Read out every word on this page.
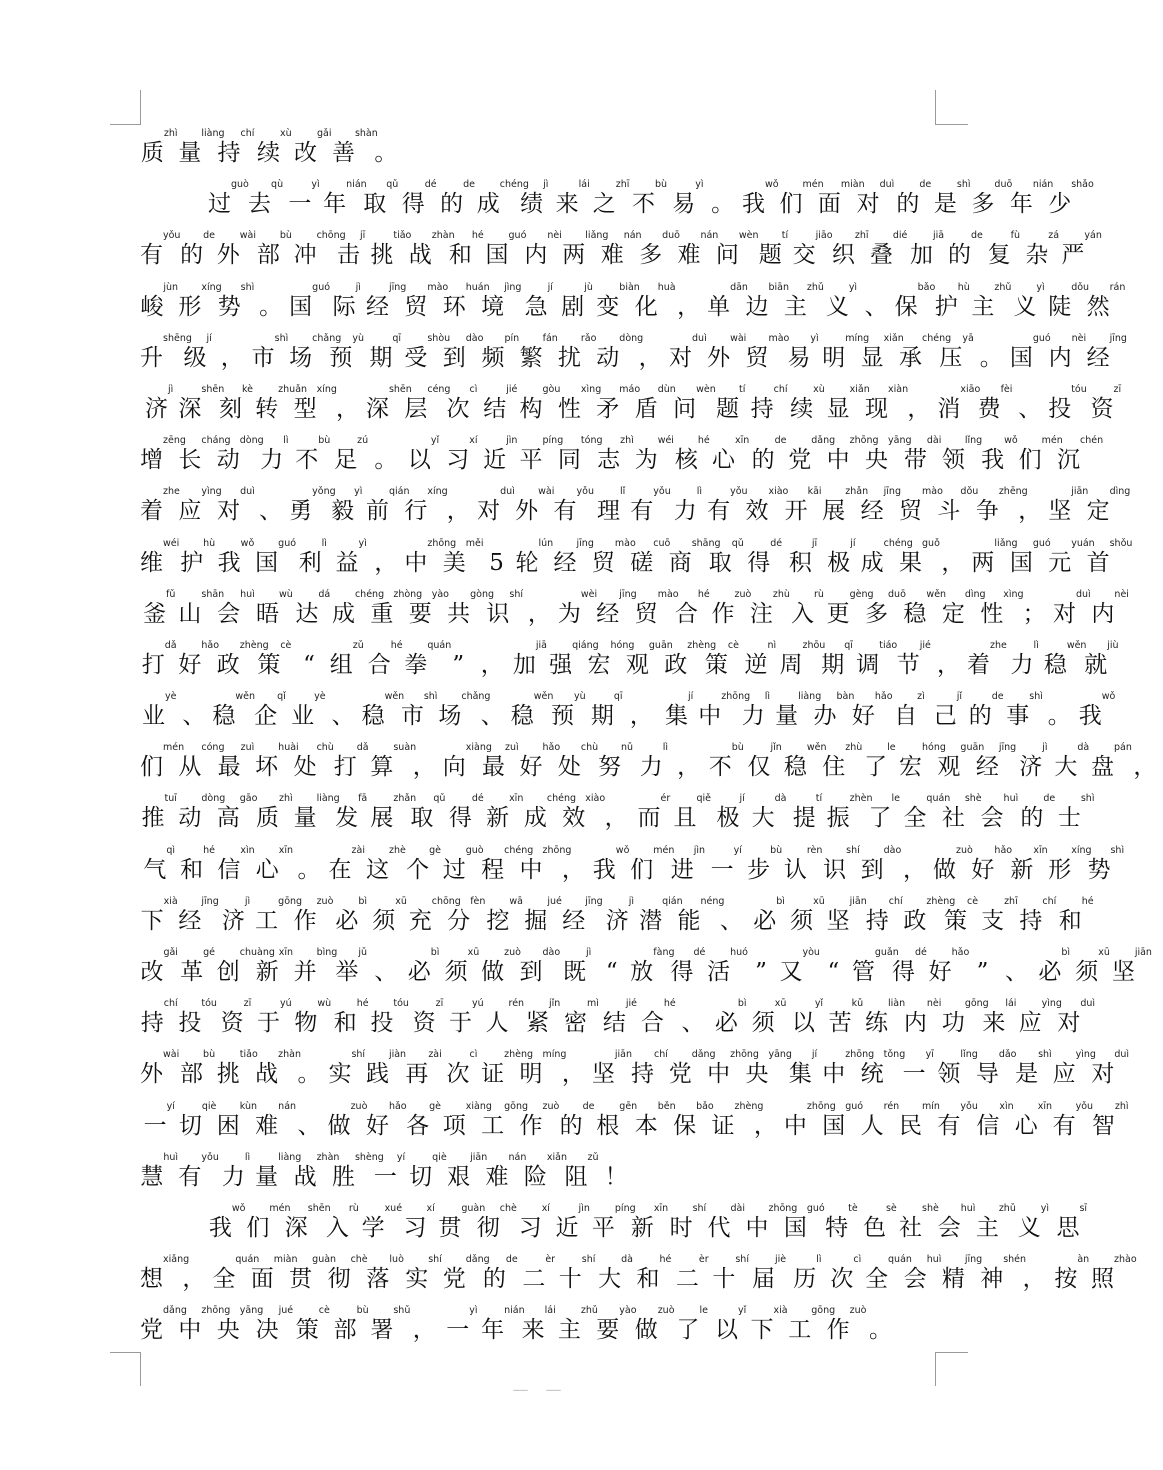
质zhì量liàng持chí续xù改gǎi善shàn。
过guò去qù一yì年nián取qǔ得dé的de成chéng绩jì来lái之zhī不bù易yì。 我wǒ们mén面miàn对duì的de是shì多duō年nián少shǎo
有yǒu的de外wài部bù冲chōng击jī挑tiǎo战zhàn和hé国guó内nèi两liǎng难nán多duō难nán问wèn题tí交jiāo织zhī叠dié加jiā的de复fù杂zá严yán
峻jùn形xíng势shì。 国guó际jì经jīng贸mào环huán境jìng急jí剧jù变biàn化huà， 单dān边biān主zhǔ义yì、 保bǎo护hù主zhǔ义yì陡dǒu然rán
升shēng级jí， 市shì场chǎng预yù期qī受shòu到dào频pín繁fán扰rǎo动dòng， 对duì外wài贸mào易yì明míng显xiǎn承chéng压yā。 国guó内nèi经jīng
济jì深shēn刻kè转zhuǎn型xíng， 深shēn层céng次cì结jié构gòu性xìng矛máo盾dùn问wèn题tí持chí续xù显xiǎn现xiàn， 消xiāo费fèi、 投tóu资zī
增zēng长cháng动dòng力lì不bù足zú。 以yǐ习xí近jìn平píng同tóng志zhì为wéi核hé心xīn的de党dǎng中zhōng央yāng带dài领lǐng我wǒ们mén沉chén
着zhe应yìng对duì、 勇yǒng毅yì前qián行xíng， 对duì外wài有yǒu理lǐ有yǒu力lì有yǒu效xiào开kāi展zhǎn经jīng贸mào斗dǒu争zhēng， 坚jiān定dìng
维wéi护hù我wǒ国guó利lì益yì， 中zhōng美měi5 轮lún经jīng贸mào磋cuō商shāng取qǔ得dé积jī极jí成chéng果guǒ， 两liǎng国guó元yuán首shǒu
釜fǔ山shān会huì晤wù达dá成chéng重zhòng要yào共gòng识shí， 为wèi经jīng贸mào合hé作zuò注zhù入rù更gèng多duō稳wěn定dìng性xìng； 对duì内nèi
打dǎ好hǎo政zhèng策cè“ 组zǔ合hé拳quán” ， 加jiā强qiáng宏hóng观guān政zhèng策cè逆nì周zhōu期qī调tiáo节jié， 着zhe力lì稳wěn就jiù
业yè、 稳wěn企qǐ业yè、 稳wěn市shì场chǎng、 稳wěn预yù期qī， 集jí中zhōng力lì量liàng办bàn好hǎo自zì己jǐ的de事shì。 我wǒ
们mén从cóng最zuì坏huài处chù打dǎ算suàn， 向xiàng最zuì好hǎo处chù努nǔ力lì， 不bù仅jǐn稳wěn住zhù了le宏hóng观guān经jīng济jì大dà盘pán，
推tuī动dòng高gāo质zhì量liàng发fā展zhǎn取qǔ得dé新xīn成chéng效xiào， 而ér且qiě极jí大dà提tí振zhèn了le全quán社shè会huì的de士shì
气qì和hé信xìn心xīn。 在zài这zhè个gè过guò程chéng中zhōng， 我wǒ们mén进jìn一yí步bù认rèn识shí到dào， 做zuò好hǎo新xīn形xíng势shì
下xià经jīng济jì工gōng作zuò必bì须xū充chōng分fèn挖wā掘jué经jīng济jì潜qián能néng、 必bì须xū坚jiān持chí政zhèng策cè支zhī持chí和hé
改gǎi革gé创chuàng新xīn并bìng举jǔ、 必bì须xū做zuò到dào既jì“ 放fàng得dé活huó” 又yòu“ 管guǎn得dé好hǎo” 、 必bì须xū坚jiān
持chí投tóu资zī于yú物wù和hé投tóu资zī于yú人rén紧jǐn密mì结jié合hé、 必bì须xū以yǐ苦kǔ练liàn内nèi功gōng来lái应yìng对duì
外wài部bù挑tiǎo战zhàn。 实shí践jiàn再zài次cì证zhèng明míng， 坚jiān持chí党dǎng中zhōng央yāng集jí中zhōng统tǒng一yī领lǐng导dǎo是shì应yìng对duì
一yí切qiè困kùn难nán、 做zuò好hǎo各gè项xiàng工gōng作zuò的de根gēn本běn保bǎo证zhèng， 中zhōng国guó人rén民mín有yǒu信xìn心xīn有yǒu智zhì
慧huì有yǒu力lì量liàng战zhàn胜shèng一yí切qiè艰jiān难nán险xiǎn阻zǔ！
我wǒ们mén深shēn入rù学xué习xí贯guàn彻chè习xí近jìn平píng新xīn时shí代dài中zhōng国guó特tè色sè社shè会huì主zhǔ义yì思sī
想xiǎng， 全quán面miàn贯guàn彻chè落luò实shí党dǎng的de二èr十shí大dà和hé二èr十shí届jiè历lì次cì全quán会huì精jīng神shén， 按àn照zhào
党dǎng中zhōng央yāng决jué策cè部bù署shǔ， 一yì年nián来lái主zhǔ要yào做zuò了le以yǐ下xià工gōng作zuò。
— —
